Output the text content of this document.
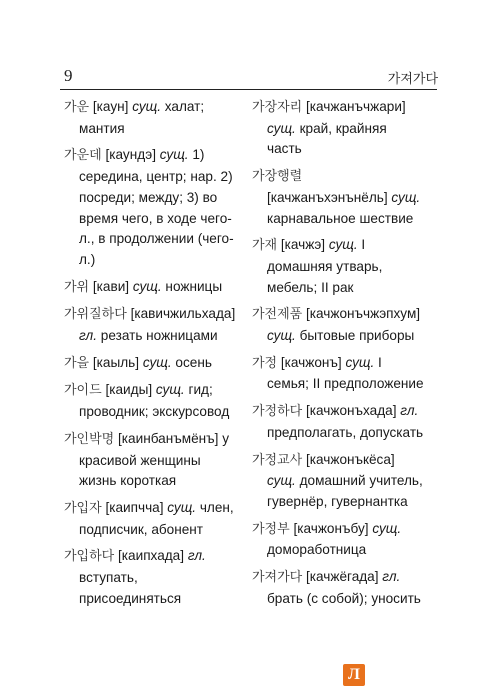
9	가져가다

가운 [каун] сущ. халат; мантия

가운데 [каундэ] сущ. 1) середина, центр; нар. 2) посреди; между; 3) во время чего, в ходе чего-л., в продолжении (чего-л.)

가위 [кави] сущ. ножницы

가위질하다 [кавичжильхада] гл. резать ножницами

가을 [каыль] сущ. осень

가이드 [каиды] сущ. гид; проводник; экскурсовод

가인박명 [каинбанъмёнъ] у красивой женщины жизнь короткая

가입자 [каипчча] сущ. член, подписчик, абонент

가입하다 [каипхада] гл. вступать, присоединяться

가장자리 [качжанъчжари] сущ. край, крайняя часть

가장행렬 [качжанъхэнънёль] сущ. карнавальное шествие

가재 [качжэ] сущ. I домашняя утварь, мебель; II рак

가전제품 [качжонъчжэпхум] сущ. бытовые приборы

가정 [качжонъ] сущ. I семья; II предположение

가정하다 [качжонъхада] гл. предполагать, допускать

가정교사 [качжонъкёса] сущ. домашний учитель, гувернёр, гувернантка

가정부 [качжонъбу] сущ. домоработница

가져가다 [качжёгада] гл. брать (с собой); уносить

Л
